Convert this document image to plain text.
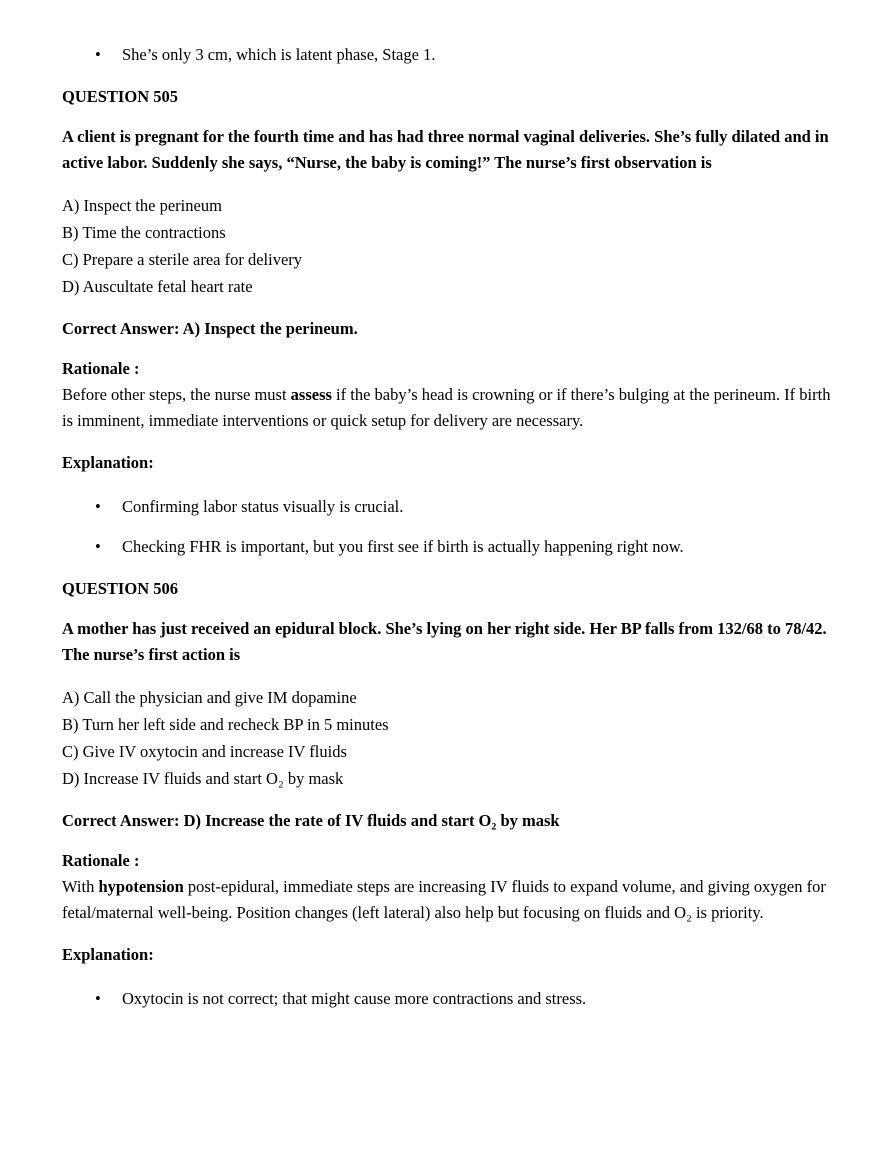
•
She’s only 3 cm, which is latent phase, Stage 1.
QUESTION 505

A client is pregnant for the fourth time and has had three normal vaginal deliveries. She’s fully dilated and in active labor. Suddenly she says, “Nurse, the baby is coming!” The nurse’s first observation is

A) Inspect the perineum
B) Time the contractions
C) Prepare a sterile area for delivery
D) Auscultate fetal heart rate

Correct Answer: A) Inspect the perineum.

Rationale :
Before other steps, the nurse must assess if the baby’s head is crowning or if there’s bulging at the perineum. If birth is imminent, immediate interventions or quick setup for delivery are necessary.

Explanation:

•
Confirming labor status visually is crucial.
•
Checking FHR is important, but you first see if birth is actually happening right now.
QUESTION 506

A mother has just received an epidural block. She’s lying on her right side. Her BP falls from 132/68 to 78/42. The nurse’s first action is

A) Call the physician and give IM dopamine
B) Turn her left side and recheck BP in 5 minutes
C) Give IV oxytocin and increase IV fluids
D) Increase IV fluids and start O₂ by mask

Correct Answer: D) Increase the rate of IV fluids and start O₂ by mask

Rationale :
With hypotension post-epidural, immediate steps are increasing IV fluids to expand volume, and giving oxygen for fetal/maternal well-being. Position changes (left lateral) also help but focusing on fluids and O₂ is priority.

Explanation:

•
Oxytocin is not correct; that might cause more contractions and stress.
